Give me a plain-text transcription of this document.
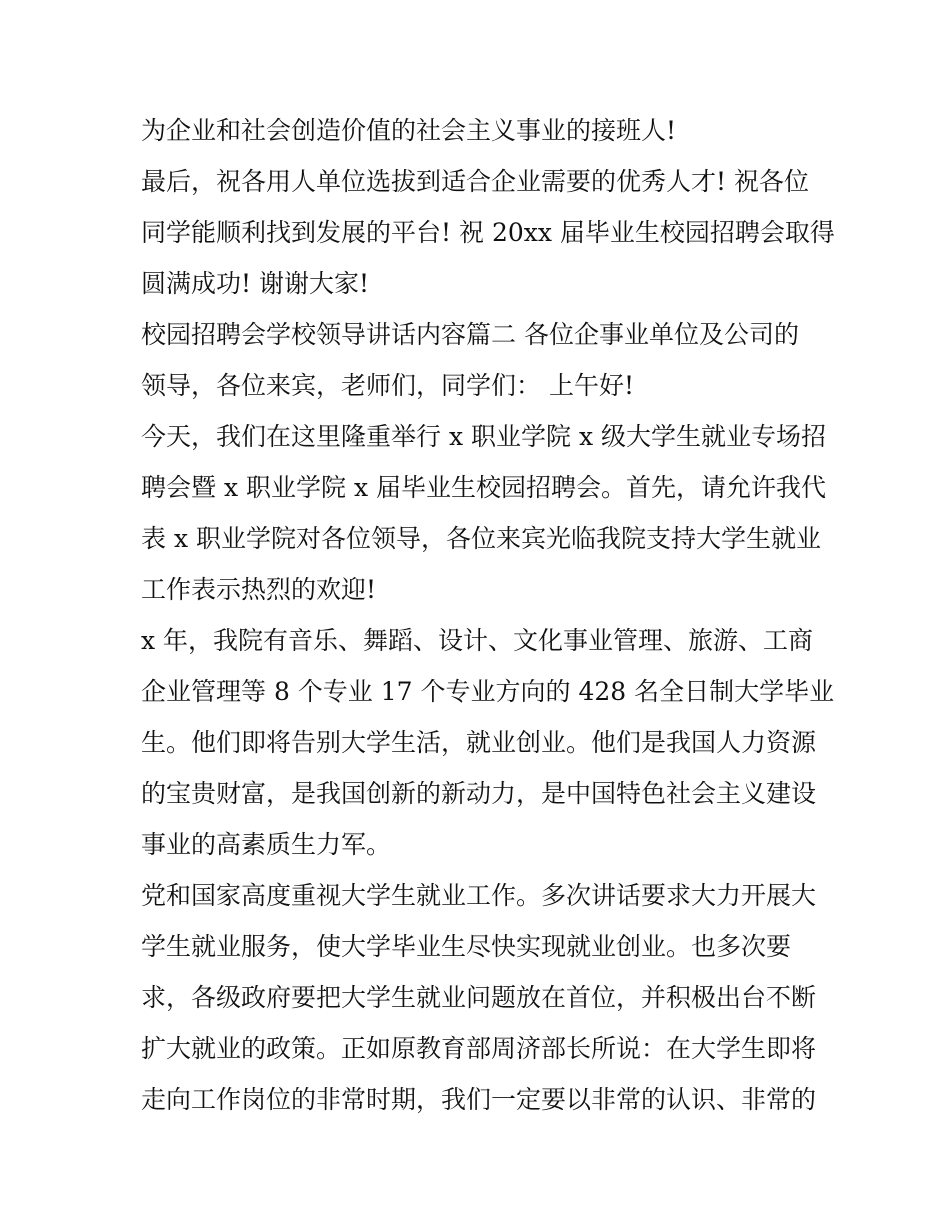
为企业和社会创造价值的社会主义事业的接班人!
最后，祝各用人单位选拔到适合企业需要的优秀人才! 祝各位
同学能顺利找到发展的平台! 祝 20xx 届毕业生校园招聘会取得
圆满成功! 谢谢大家!
校园招聘会学校领导讲话内容篇二 各位企事业单位及公司的
领导，各位来宾，老师们，同学们： 上午好!
今天，我们在这里隆重举行 x 职业学院 x 级大学生就业专场招
聘会暨 x 职业学院 x 届毕业生校园招聘会。首先，请允许我代
表 x 职业学院对各位领导，各位来宾光临我院支持大学生就业
工作表示热烈的欢迎!
x 年，我院有音乐、舞蹈、设计、文化事业管理、旅游、工商
企业管理等 8 个专业 17 个专业方向的 428 名全日制大学毕业
生。他们即将告别大学生活，就业创业。他们是我国人力资源
的宝贵财富，是我国创新的新动力，是中国特色社会主义建设
事业的高素质生力军。
党和国家高度重视大学生就业工作。多次讲话要求大力开展大
学生就业服务，使大学毕业生尽快实现就业创业。也多次要
求，各级政府要把大学生就业问题放在首位，并积极出台不断
扩大就业的政策。正如原教育部周济部长所说：在大学生即将
走向工作岗位的非常时期，我们一定要以非常的认识、非常的
